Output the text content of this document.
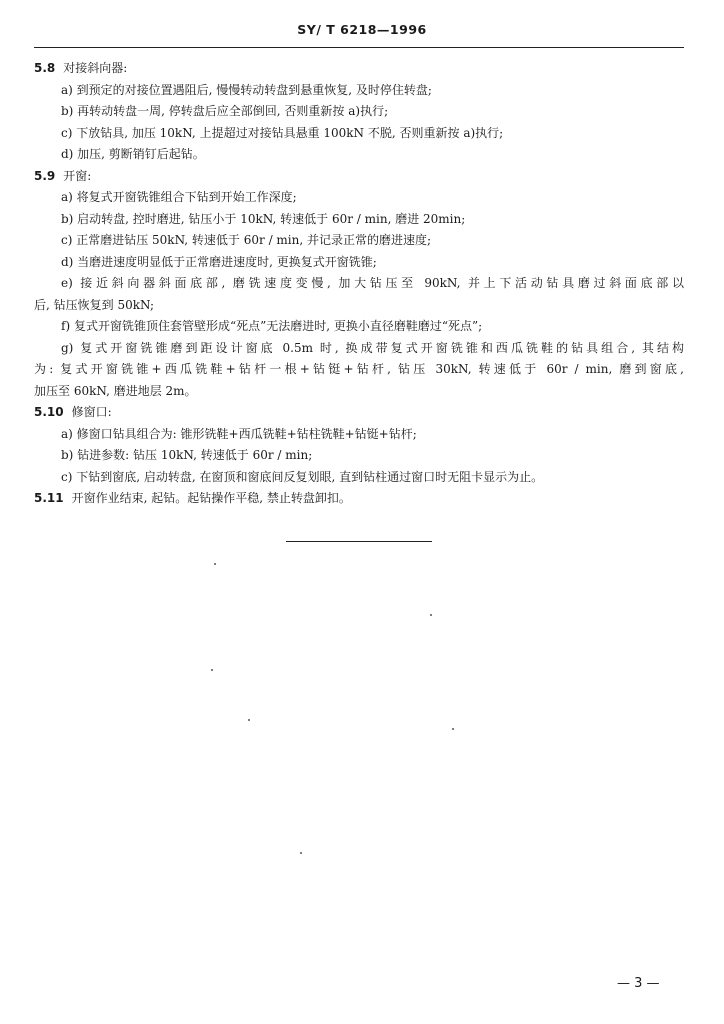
SY/ T 6218—1996
5.8 对接斜向器:
a) 到预定的对接位置遇阻后, 慢慢转动转盘到悬重恢复, 及时停住转盘;
b) 再转动转盘一周, 停转盘后应全部倒回, 否则重新按 a)执行;
c) 下放钻具, 加压 10kN, 上提超过对接钻具悬重 100kN 不脱, 否则重新按 a)执行;
d) 加压, 剪断销钉后起钻。
5.9 开窗:
a) 将复式开窗铣锥组合下钻到开始工作深度;
b) 启动转盘, 控时磨进, 钻压小于 10kN, 转速低于 60r / min, 磨进 20min;
c) 正常磨进钻压 50kN, 转速低于 60r / min, 并记录正常的磨进速度;
d) 当磨进速度明显低于正常磨进速度时, 更换复式开窗铣锥;
e) 接近斜向器斜面底部, 磨铣速度变慢, 加大钻压至 90kN, 并上下活动钻具磨过斜面底部以
后, 钻压恢复到 50kN;
f) 复式开窗铣锥顶住套管壁形成“死点”无法磨进时, 更换小直径磨鞋磨过“死点”;
g) 复式开窗铣锥磨到距设计窗底 0.5m 时, 换成带复式开窗铣锥和西瓜铣鞋的钻具组合, 其结构
为: 复式开窗铣锥+西瓜铣鞋+钻杆一根+钻铤+钻杆, 钻压 30kN, 转速低于 60r / min, 磨到窗底,
加压至 60kN, 磨进地层 2m。
5.10 修窗口:
a) 修窗口钻具组合为: 锥形铣鞋+西瓜铣鞋+钻柱铣鞋+钻铤+钻杆;
b) 钻进参数: 钻压 10kN, 转速低于 60r / min;
c) 下钻到窗底, 启动转盘, 在窗顶和窗底间反复划眼, 直到钻柱通过窗口时无阻卡显示为止。
5.11 开窗作业结束, 起钻。起钻操作平稳, 禁止转盘卸扣。
— 3 —
